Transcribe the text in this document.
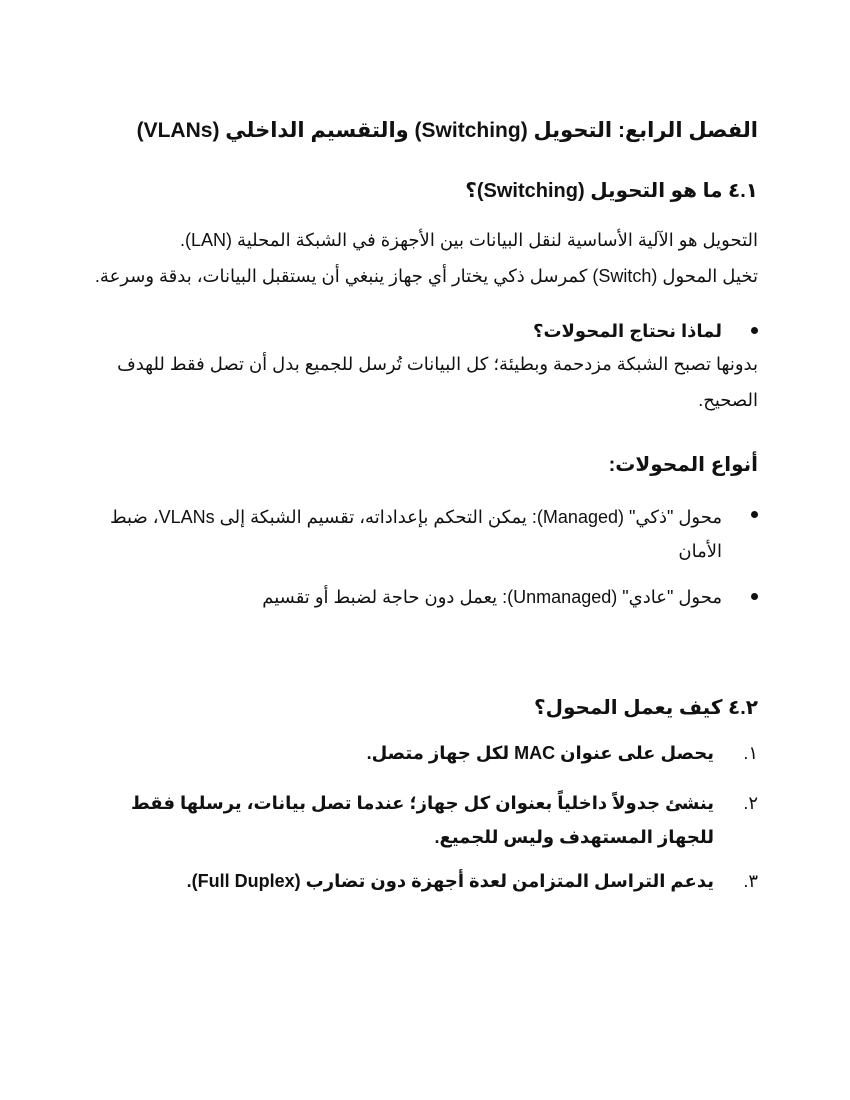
الفصل الرابع: التحويل (Switching) والتقسيم الداخلي (VLANs)
٤.١ ما هو التحويل (Switching)؟
التحويل هو الآلية الأساسية لنقل البيانات بين الأجهزة في الشبكة المحلية (LAN).
تخيل المحول (Switch) كمرسل ذكي يختار أي جهاز ينبغي أن يستقبل البيانات، بدقة وسرعة.
لماذا نحتاج المحولات؟
بدونها تصبح الشبكة مزدحمة وبطيئة؛ كل البيانات تُرسل للجميع بدل أن تصل فقط للهدف الصحيح.
أنواع المحولات:
محول "ذكي" (Managed): يمكن التحكم بإعداداته، تقسيم الشبكة إلى VLANs، ضبط الأمان
محول "عادي" (Unmanaged): يعمل دون حاجة لضبط أو تقسيم
٤.٢ كيف يعمل المحول؟
١.
يحصل على عنوان MAC لكل جهاز متصل.
٢.
ينشئ جدولاً داخلياً بعنوان كل جهاز؛ عندما تصل بيانات، يرسلها فقط للجهاز المستهدف وليس للجميع.
٣.
يدعم التراسل المتزامن لعدة أجهزة دون تضارب (Full Duplex).
